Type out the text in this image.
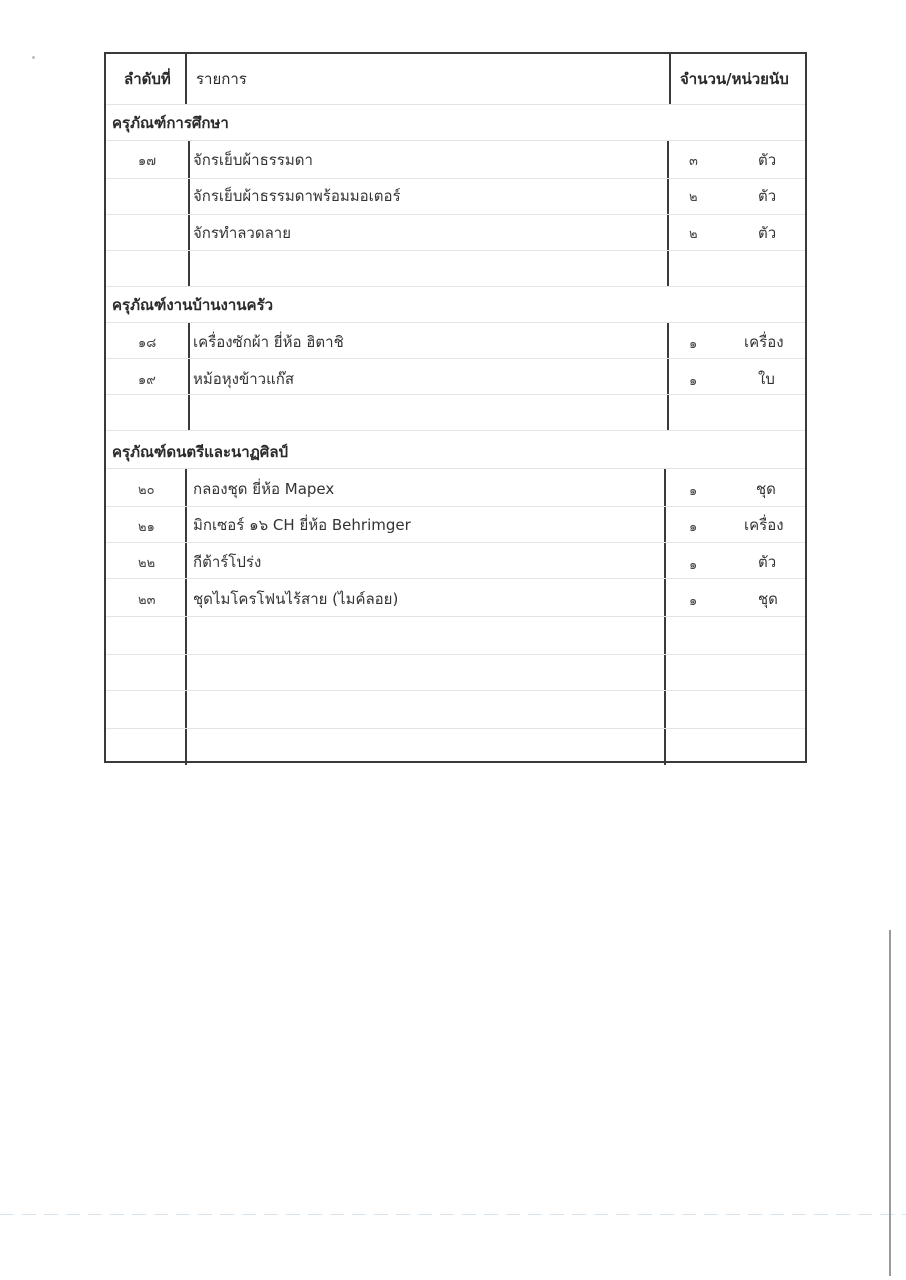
ลำดับที่ รายการ	จำนวน/หน่วยนับ
ครุภัณฑ์การศึกษา
๑๗ จักรเย็บผ้าธรรมดา	๓	ตัว
จักรเย็บผ้าธรรมดาพร้อมมอเตอร์	๒	ตัว
จักรทำลวดลาย	๒	ตัว
ครุภัณฑ์งานบ้านงานครัว
๑๘ เครื่องซักผ้า ยี่ห้อ ฮิตาชิ	๑	เครื่อง
๑๙ หม้อหุงข้าวแก๊ส	๑	ใบ
ครุภัณฑ์ดนตรีและนาฏศิลป์
๒๐	กลองชุด ยี่ห้อ Mapex	๑	ชุด
๒๑	มิกเซอร์ ๑๖ CH ยี่ห้อ Behrimger	๑	เครื่อง
๒๒	กีต้าร์โปร่ง	๑	ตัว
๒๓	ชุดไมโครโฟนไร้สาย (ไมค์ลอย)	๑	ชุด
